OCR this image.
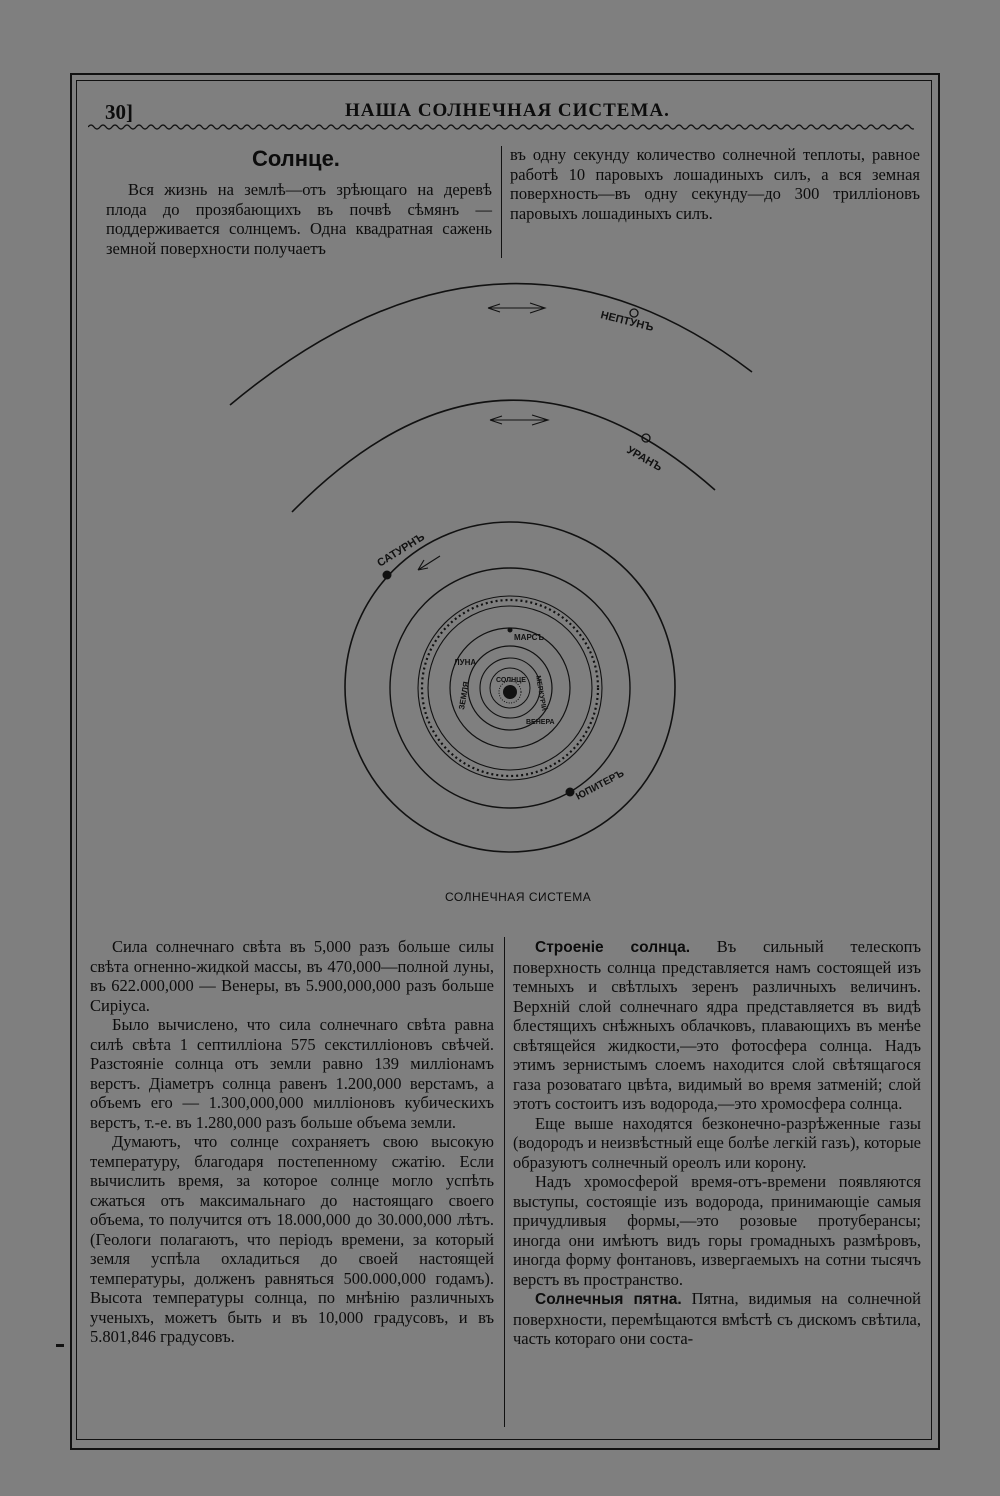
30]	НАША СОЛНЕЧНАЯ СИСТЕМА.
Солнце.

Вся жизнь на землѣ—отъ зрѣющаго на деревѣ плода до прозябающихъ въ почвѣ сѣмянъ — поддерживается солнцемъ. Одна квадратная сажень земной поверхности получаетъ

въ одну секунду количество солнечной теплоты, равное работѣ 10 паровыхъ лошадиныхъ силъ, а вся земная поверхность—въ одну секунду—до 300 трилліоновъ паровыхъ лошадиныхъ силъ.

НЕПТУНЪ
УРАНЪ
САТУРНЪ
ЮПИТЕРЪ
МАРСЪ
ЛУНА
ЗЕМЛЯ
ВЕНЕРА
МЕРКУРІЙ
СОЛНЦЕ
СОЛНЕЧНАЯ СИСТЕМА

Сила солнечнаго свѣта въ 5,000 разъ больше силы свѣта огненно-жидкой массы, въ 470,000—полной луны, въ 622.000,000 — Венеры, въ 5.900,000,000 разъ больше Сиріуса.

Было вычислено, что сила солнечнаго свѣта равна силѣ свѣта 1 септилліона 575 секстилліоновъ свѣчей. Разстояніе солнца отъ земли равно 139 милліонамъ верстъ. Діаметръ солнца равенъ 1.200,000 верстамъ, а объемъ его — 1.300,000,000 милліоновъ кубическихъ верстъ, т.-е. въ 1.280,000 разъ больше объема земли.

Думаютъ, что солнце сохраняетъ свою высокую температуру, благодаря постепенному сжатію. Если вычислить время, за которое солнце могло успѣть сжаться отъ максимальнаго до настоящаго своего объема, то получится отъ 18.000,000 до 30.000,000 лѣтъ. (Геологи полагаютъ, что періодъ времени, за который земля успѣла охладиться до своей настоящей температуры, долженъ равняться 500.000,000 годамъ). Высота температуры солнца, по мнѣнію различныхъ ученыхъ, можетъ быть и въ 10,000 градусовъ, и въ 5.801,846 градусовъ.

Строеніе солнца. Въ сильный телескопъ поверхность солнца представляется намъ состоящей изъ темныхъ и свѣтлыхъ зеренъ различныхъ величинъ. Верхній слой солнечнаго ядра представляется въ видѣ блестящихъ снѣжныхъ облачковъ, плавающихъ въ менѣе свѣтящейся жидкости,—это фотосфера солнца. Надъ этимъ зернистымъ слоемъ находится слой свѣтящагося газа розоватаго цвѣта, видимый во время затменій; слой этотъ состоитъ изъ водорода,—это хромосфера солнца.

Еще выше находятся безконечно-разрѣженные газы (водородъ и неизвѣстный еще болѣе легкій газъ), которые образуютъ солнечный ореолъ или корону.

Надъ хромосферой время-отъ-времени появляются выступы, состоящіе изъ водорода, принимающіе самыя причудливыя формы,—это розовые протуберансы; иногда они имѣютъ видъ горы громадныхъ размѣровъ, иногда форму фонтановъ, извергаемыхъ на сотни тысячъ верстъ въ пространство.

Солнечныя пятна. Пятна, видимыя на солнечной поверхности, перемѣщаются вмѣстѣ съ дискомъ свѣтила, часть котораго они соста-
